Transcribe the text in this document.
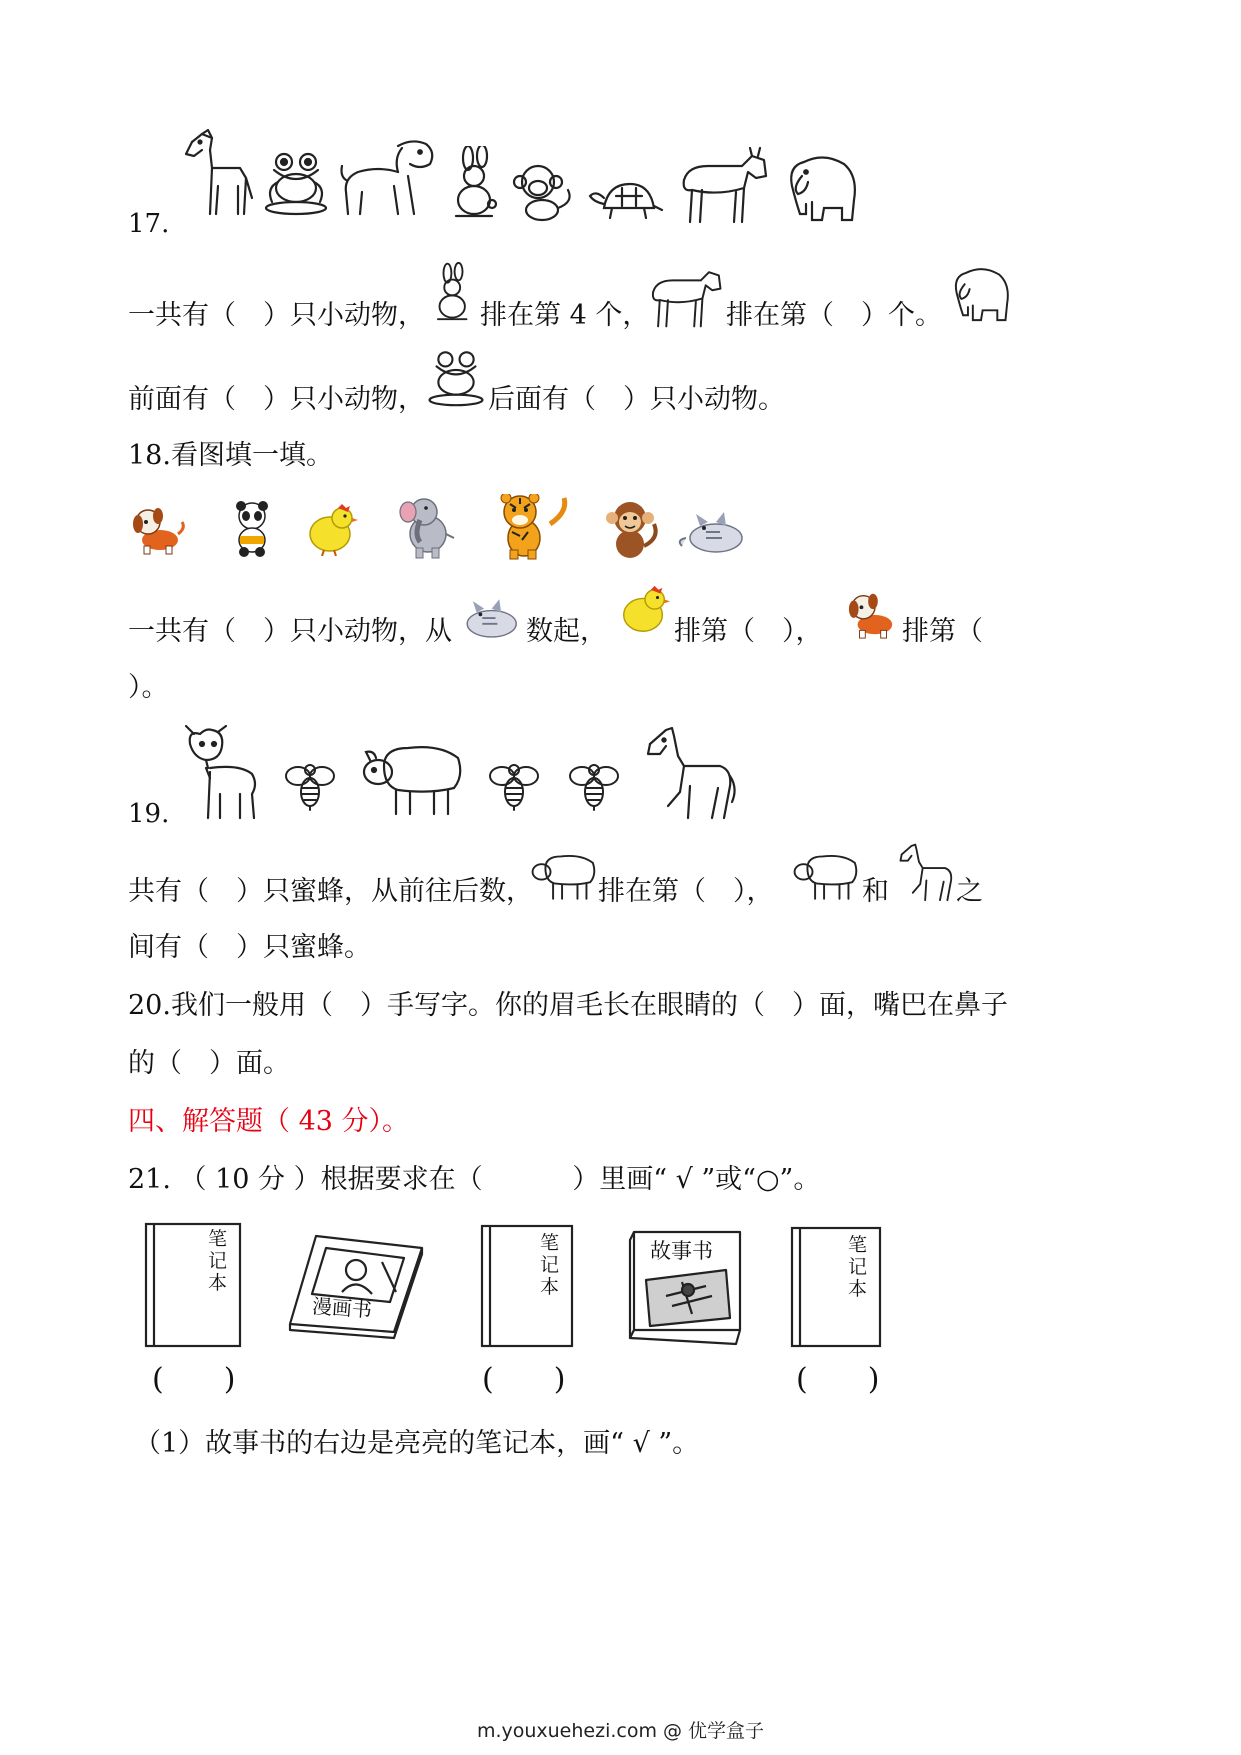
17.
一共有（　）只小动物， 排在第 4 个，	排在第（　）个。
前面有（　）只小动物， 后面有（　）只小动物。
18.看图填一填。
一共有（　）只小动物，从	数起， 排第（　），	排第（
）。
19.
共有（　）只蜜蜂，从前往后数， 排在第（　），	和 之
间有（　）只蜜蜂。
20.我们一般用（　）手写字。你的眉毛长在眼睛的（　）面，嘴巴在鼻子
的（　）面。
四、解答题（ 43 分）。
21. （ 10 分 ）根据要求在（　　　 ）里画“ √ ”或“○”。
笔记本
漫画书
笔记本
故事书	笔记本
(　　)	(　　)	(　　)
（1）故事书的右边是亮亮的笔记本，画“ √ ”。
m.youxuehezi.com @ 优学盒子
